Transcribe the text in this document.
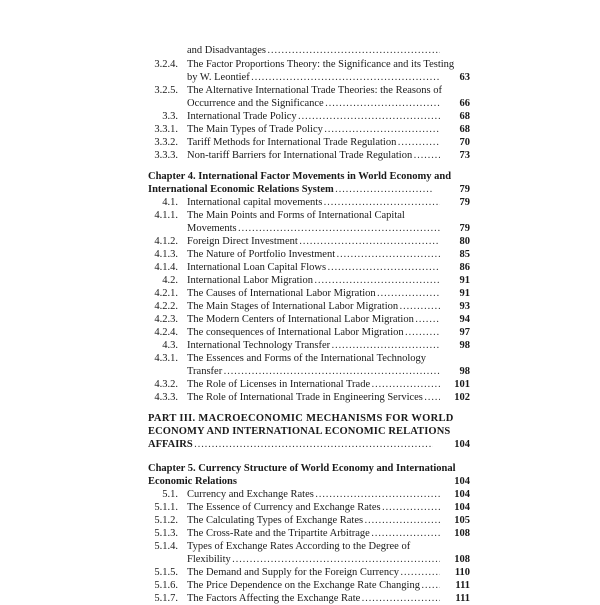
and Disadvantages
……………………………………………………………………………………………………………………………………………
3.2.4. The Factor Proportions Theory: the Significance and its Testing
by W. Leontief ……………………………………………………………………………………………………………………………………………	63
3.2.5. The Alternative International Trade Theories: the Reasons of
Occurrence and the Significance ……………………………………………………………………………………………………………………………………………	66
3.3. International Trade Policy ……………………………………………………………………………………………………………………………………………	68
3.3.1. The Main Types of Trade Policy ……………………………………………………………………………………………………………………………………………	68
3.3.2. Tariff Methods for International Trade Regulation ……………………………………………………………………………………………………………………………………………	70
3.3.3. Non-tariff Barriers for International Trade Regulation ……………………………………………………………………………………………………………………………………………	73
Chapter 4. International Factor Movements in World Economy and
International Economic Relations System ……………………………………………………………………………………………………………………………………………	79
4.1. International capital movements ……………………………………………………………………………………………………………………………………………	79
4.1.1. The Main Points and Forms of International Capital
Movements ……………………………………………………………………………………………………………………………………………	79
4.1.2. Foreign Direct Investment ……………………………………………………………………………………………………………………………………………	80
4.1.3. The Nature of Portfolio Investment ……………………………………………………………………………………………………………………………………………	85
4.1.4. International Loan Capital Flows ……………………………………………………………………………………………………………………………………………	86
4.2. International Labor Migration ……………………………………………………………………………………………………………………………………………	91
4.2.1. The Causes of International Labor Migration ……………………………………………………………………………………………………………………………………………	91
4.2.2. The Main Stages of International Labor Migration ……………………………………………………………………………………………………………………………………………	93
4.2.3. The Modern Centers of International Labor Migration ……………………………………………………………………………………………………………………………………………	94
4.2.4. The consequences of International Labor Migration ……………………………………………………………………………………………………………………………………………	97
4.3. International Technology Transfer ……………………………………………………………………………………………………………………………………………	98
4.3.1. The Essences and Forms of the International Technology
Transfer ……………………………………………………………………………………………………………………………………………	98
4.3.2. The Role of Licenses in International Trade ……………………………………………………………………………………………………………………………………………	101
4.3.3. The Role of International Trade in Engineering Services ……………………………………………………………………………………………………………………………………………	102
PART III. MACROECONOMIC MECHANISMS FOR WORLD
ECONOMY AND INTERNATIONAL ECONOMIC RELATIONS
AFFAIRS ……………………………………………………………………………………………………………………………………………	104
Chapter 5. Currency Structure of World Economy and International
Economic Relations	104
5.1. Currency and Exchange Rates ……………………………………………………………………………………………………………………………………………	104
5.1.1. The Essence of Currency and Exchange Rates ……………………………………………………………………………………………………………………………………………	104
5.1.2. The Calculating Types of Exchange Rates ……………………………………………………………………………………………………………………………………………	105
5.1.3. The Cross-Rate and the Tripartite Arbitrage ……………………………………………………………………………………………………………………………………………	108
5.1.4. Types of Exchange Rates According to the Degree of
Flexibility ……………………………………………………………………………………………………………………………………………	108
5.1.5. The Demand and Supply for the Foreign Currency ……………………………………………………………………………………………………………………………………………	110
5.1.6. The Price Dependence on the Exchange Rate Changing ……………………………………………………………………………………………………………………………………………	111
5.1.7. The Factors Affecting the Exchange Rate ……………………………………………………………………………………………………………………………………………	111
